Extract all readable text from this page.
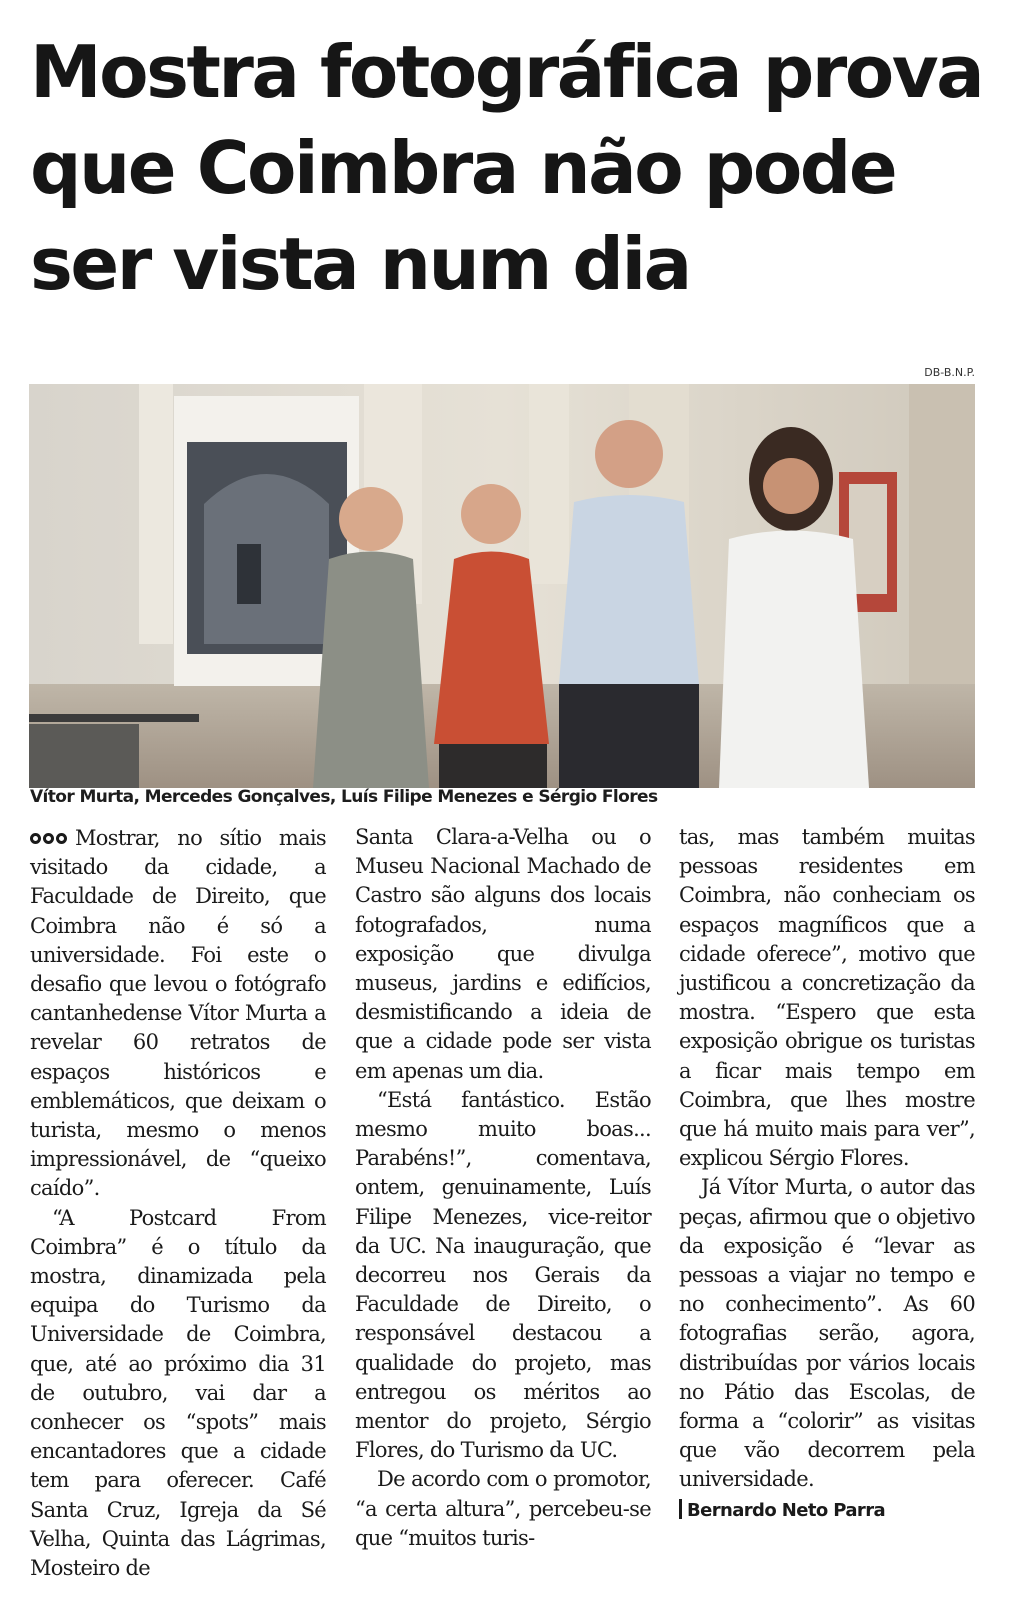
Mostra fotográfica prova que Coimbra não pode ser vista num dia
DB-B.N.P.
Vítor Murta, Mercedes Gonçalves, Luís Filipe Menezes e Sérgio Flores

Mostrar, no sítio mais visitado da cidade, a Faculdade de Direito, que Coimbra não é só a universidade. Foi este o desafio que levou o fotógrafo cantanhedense Vítor Murta a revelar 60 retratos de espaços históricos e emblemáticos, que deixam o turista, mesmo o menos impressionável, de “queixo caído”.

“A Postcard From Coimbra” é o título da mostra, dinamizada pela equipa do Turismo da Universidade de Coimbra, que, até ao próximo dia 31 de outubro, vai dar a conhecer os “spots” mais encantadores que a cidade tem para oferecer. Café Santa Cruz, Igreja da Sé Velha, Quinta das Lágrimas, Mosteiro de

Santa Clara-a-Velha ou o Museu Nacional Machado de Castro são alguns dos locais fotografados, numa exposição que divulga museus, jardins e edifícios, desmistificando a ideia de que a cidade pode ser vista em apenas um dia.

“Está fantástico. Estão mesmo muito boas... Parabéns!”, comentava, ontem, genuinamente, Luís Filipe Menezes, vice-reitor da UC. Na inauguração, que decorreu nos Gerais da Faculdade de Direito, o responsável destacou a qualidade do projeto, mas entregou os méritos ao mentor do projeto, Sérgio Flores, do Turismo da UC.

De acordo com o promotor, “a certa altura”, percebeu-se que “muitos turis-

tas, mas também muitas pessoas residentes em Coimbra, não conheciam os espaços magníficos que a cidade oferece”, motivo que justificou a concretização da mostra. “Espero que esta exposição obrigue os turistas a ficar mais tempo em Coimbra, que lhes mostre que há muito mais para ver”, explicou Sérgio Flores.

Já Vítor Murta, o autor das peças, afirmou que o objetivo da exposição é “levar as pessoas a viajar no tempo e no conhecimento”. As 60 fotografias serão, agora, distribuídas por vários locais no Pátio das Escolas, de forma a “colorir” as visitas que vão decorrem pela universidade.

Bernardo Neto Parra
